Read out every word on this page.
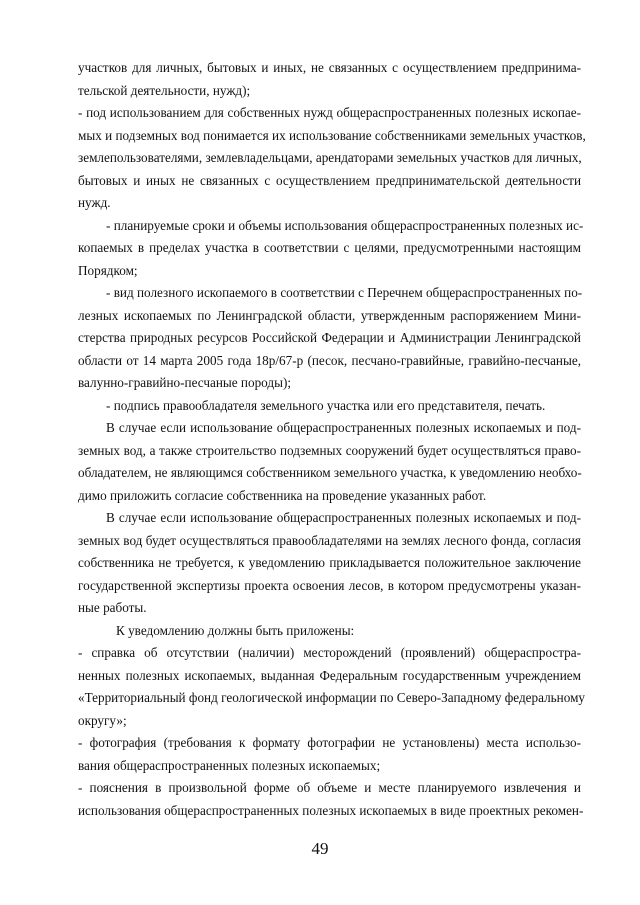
участков для личных, бытовых и иных, не связанных с осуществлением предпринима-
тельской деятельности, нужд);
- под использованием для собственных нужд общераспространенных полезных ископае-
мых и подземных вод понимается их использование собственниками земельных участков,
землепользователями, землевладельцами, арендаторами земельных участков для личных,
бытовых и иных не связанных с осуществлением предпринимательской деятельности
нужд.
- планируемые сроки и объемы использования общераспространенных полезных ис-
копаемых в пределах участка в соответствии с целями, предусмотренными настоящим
Порядком;
- вид полезного ископаемого в соответствии с Перечнем общераспространенных по-
лезных ископаемых по Ленинградской области, утвержденным распоряжением Мини-
стерства природных ресурсов Российской Федерации и Администрации Ленинградской
области от 14 марта 2005 года 18р/67-р (песок, песчано-гравийные, гравийно-песчаные,
валунно-гравийно-песчаные породы);
- подпись правообладателя земельного участка или его представителя, печать.
В случае если использование общераспространенных полезных ископаемых и под-
земных вод, а также строительство подземных сооружений будет осуществляться право-
обладателем, не являющимся собственником земельного участка, к уведомлению необхо-
димо приложить согласие собственника на проведение указанных работ.
В случае если использование общераспространенных полезных ископаемых и под-
земных вод будет осуществляться правообладателями на землях лесного фонда, согласия
собственника не требуется, к уведомлению прикладывается положительное заключение
государственной экспертизы проекта освоения лесов, в котором предусмотрены указан-
ные работы.
К уведомлению должны быть приложены:
- справка об отсутствии (наличии) месторождений (проявлений) общераспростра-
ненных полезных ископаемых, выданная Федеральным государственным учреждением
«Территориальный фонд геологической информации по Северо-Западному федеральному
округу»;
- фотография (требования к формату фотографии не установлены) места использо-
вания общераспространенных полезных ископаемых;
- пояснения в произвольной форме об объеме и месте планируемого извлечения и
использования общераспространенных полезных ископаемых в виде проектных рекомен-
49
